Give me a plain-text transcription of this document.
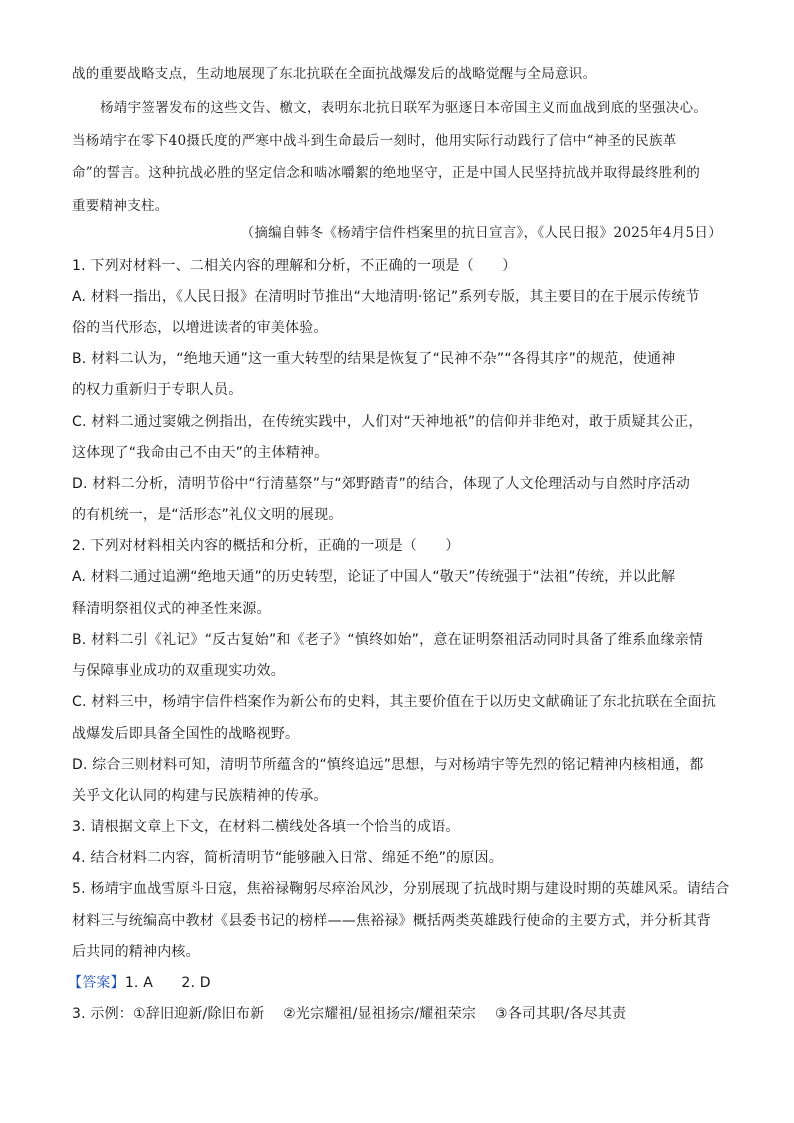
战的重要战略支点，生动地展现了东北抗联在全面抗战爆发后的战略觉醒与全局意识。
杨靖宇签署发布的这些文告、檄文，表明东北抗日联军为驱逐日本帝国主义而血战到底的坚强决心。
当杨靖宇在零下40摄氏度的严寒中战斗到生命最后一刻时，他用实际行动践行了信中“神圣的民族革
命”的誓言。这种抗战必胜的坚定信念和啮冰嚼絮的绝地坚守，正是中国人民坚持抗战并取得最终胜利的
重要精神支柱。
（摘编自韩冬《杨靖宇信件档案里的抗日宣言》，《人民日报》2025年4月5日）
1. 下列对材料一、二相关内容的理解和分析，不正确的一项是（　　）
A. 材料一指出，《人民日报》在清明时节推出“大地清明·铭记”系列专版，其主要目的在于展示传统节
俗的当代形态，以增进读者的审美体验。
B. 材料二认为，“绝地天通”这一重大转型的结果是恢复了“民神不杂”“各得其序”的规范，使通神
的权力重新归于专职人员。
C. 材料二通过窦娥之例指出，在传统实践中，人们对“天神地祇”的信仰并非绝对，敢于质疑其公正，
这体现了“我命由己不由天”的主体精神。
D. 材料二分析，清明节俗中“行清墓祭”与“郊野踏青”的结合，体现了人文伦理活动与自然时序活动
的有机统一，是“活形态”礼仪文明的展现。
2. 下列对材料相关内容的概括和分析，正确的一项是（　　）
A. 材料二通过追溯“绝地天通”的历史转型，论证了中国人“敬天”传统强于“法祖”传统，并以此解
释清明祭祖仪式的神圣性来源。
B. 材料二引《礼记》“反古复始”和《老子》“慎终如始”，意在证明祭祖活动同时具备了维系血缘亲情
与保障事业成功的双重现实功效。
C. 材料三中，杨靖宇信件档案作为新公布的史料，其主要价值在于以历史文献确证了东北抗联在全面抗
战爆发后即具备全国性的战略视野。
D. 综合三则材料可知，清明节所蕴含的“慎终追远”思想，与对杨靖宇等先烈的铭记精神内核相通，都
关乎文化认同的构建与民族精神的传承。
3. 请根据文章上下文，在材料二横线处各填一个恰当的成语。
4. 结合材料二内容，简析清明节“能够融入日常、绵延不绝”的原因。
5. 杨靖宇血战雪原斗日寇，焦裕禄鞠躬尽瘁治风沙，分别展现了抗战时期与建设时期的英雄风采。请结合
材料三与统编高中教材《县委书记的榜样——焦裕禄》概括两类英雄践行使命的主要方式，并分析其背
后共同的精神内核。
【答案】1. A　　2. D
3. 示例：①辞旧迎新/除旧布新　 ②光宗耀祖/显祖扬宗/耀祖荣宗　 ③各司其职/各尽其责
